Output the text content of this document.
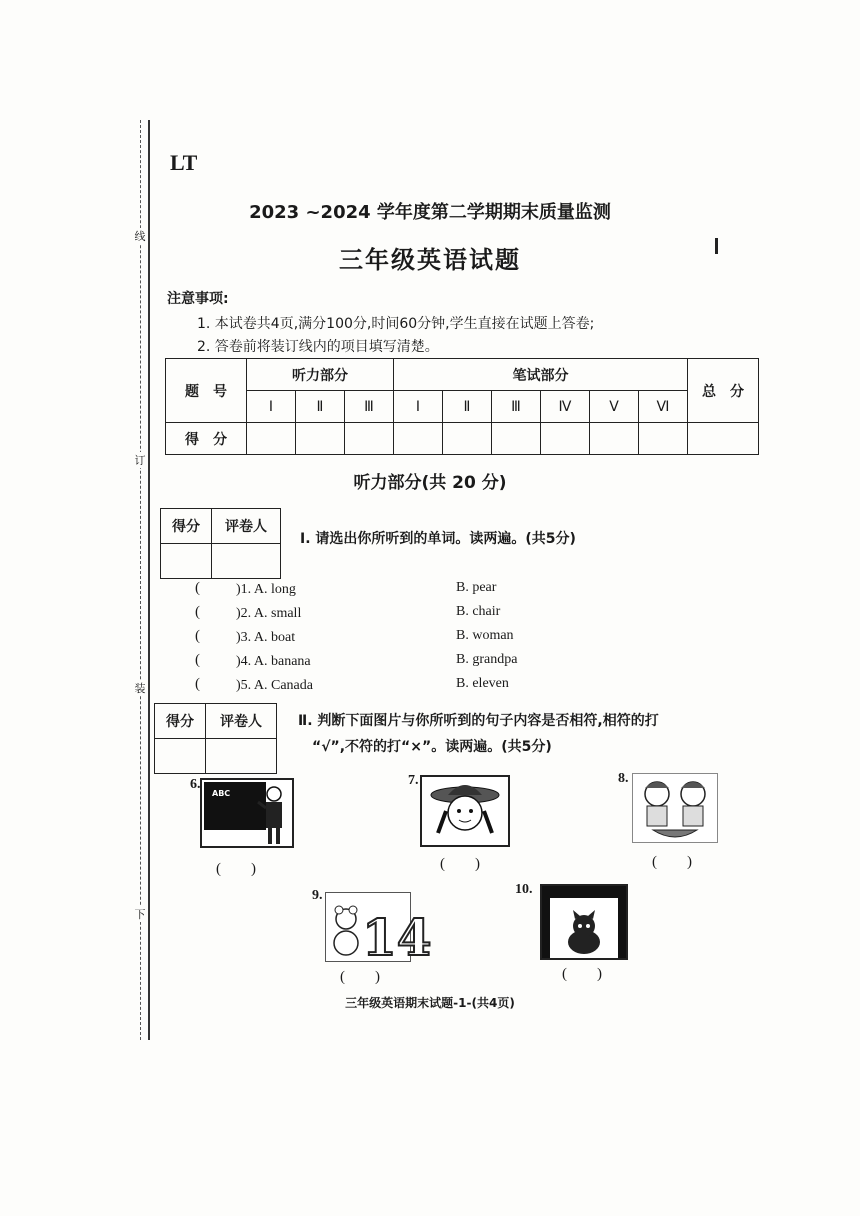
线
订
装
下
LT
2023 ~2024 学年度第二学期期末质量监测
三年级英语试题
注意事项:
1. 本试卷共4页,满分100分,时间60分钟,学生直接在试题上答卷;
2. 答卷前将装订线内的项目填写清楚。
题　号	听力部分			笔试部分						总　分
	Ⅰ	Ⅱ	Ⅲ	Ⅰ	Ⅱ	Ⅲ	Ⅳ	Ⅴ	Ⅵ	
得　分										
听力部分(共 20 分)
得分	评卷人

Ⅰ. 请选出你所听到的单词。读两遍。(共5分)
(	)1. A. long	B. pear
(	)2. A. small	B. chair
(	)3. A. boat	B. woman
(	)4. A. banana	B. grandpa
(	)5. A. Canada	B. eleven
得分	评卷人
		Ⅱ. 判断下面图片与你所听到的句子内容是否相符,相符的打
“√”,不符的打“×”。读两遍。(共5分)
6.
ABC
(　　)
7.
(　　)
8.
(　　)
9.
14
(　　)
10.
(　　)
三年级英语期末试题-1-(共4页)
